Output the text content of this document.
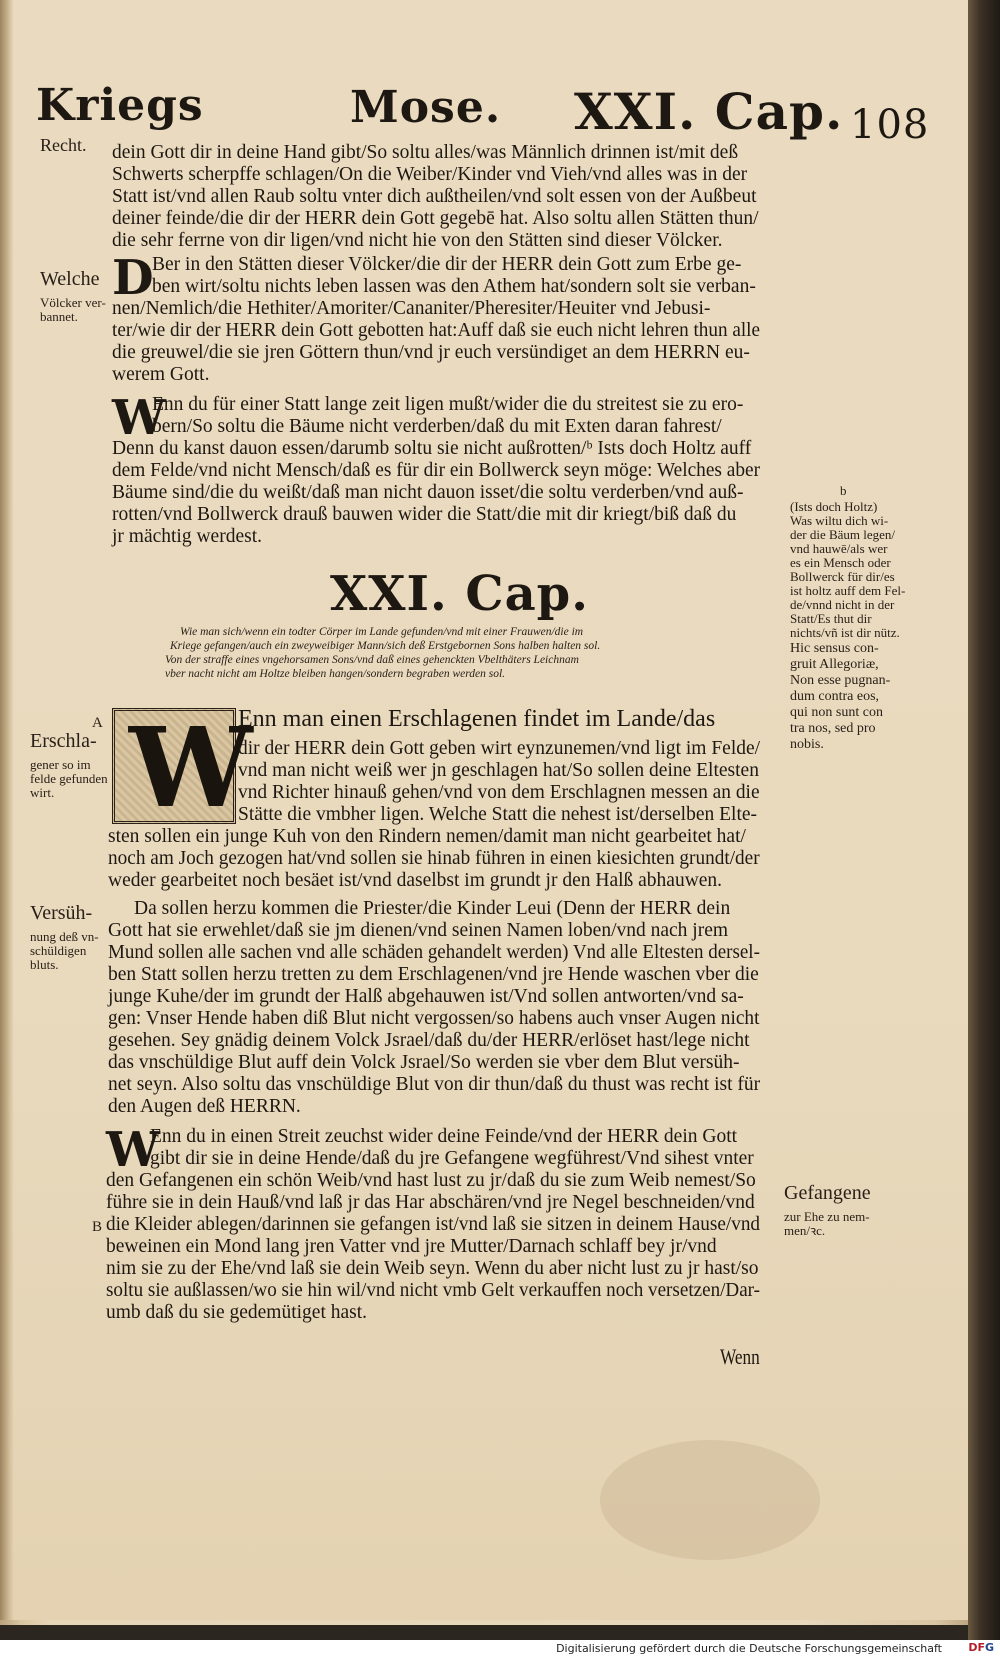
Kriegs	Mose. XXI. Cap. 108
Recht. dein Gott dir in deine Hand gibt/So soltu alles/was Männlich drinnen ist/mit deß
Schwerts scherpffe schlagen/On die Weiber/Kinder vnd Vieh/vnd alles was in der
Statt ist/vnd allen Raub soltu vnter dich außtheilen/vnd solt essen von der Außbeut
deiner feinde/die dir der HERR dein Gott gegebē hat. Also soltu allen Stätten thun/
die sehr ferrne von dir ligen/vnd nicht hie von den Stätten sind dieser Völcker.
D
Ber in den Stätten dieser Völcker/die dir der HERR dein Gott zum Erbe ge-
ben wirt/soltu nichts leben lassen was den Athem hat/sondern solt sie verban-
nen/Nemlich/die Hethiter/Amoriter/Cananiter/Pheresiter/Heuiter vnd Jebusi-
ter/wie dir der HERR dein Gott gebotten hat:Auff daß sie euch nicht lehren thun alle
die greuwel/die sie jren Göttern thun/vnd jr euch versündiget an dem HERRN eu-
werem Gott.
W
Enn du für einer Statt lange zeit ligen mußt/wider die du streitest sie zu ero-
bern/So soltu die Bäume nicht verderben/daß du mit Exten daran fahrest/
Denn du kanst dauon essen/darumb soltu sie nicht außrotten/ᵇ Ists doch Holtz auff
dem Felde/vnd nicht Mensch/daß es für dir ein Bollwerck seyn möge: Welches aber
Bäume sind/die du weißt/daß man nicht dauon isset/die soltu verderben/vnd auß-
rotten/vnd Bollwerck drauß bauwen wider die Statt/die mit dir kriegt/biß daß du
jr mächtig werdest.
XXI. Cap.
Wie man sich/wenn ein todter Cörper im Lande gefunden/vnd mit einer Frauwen/die im
Kriege gefangen/auch ein zweyweibiger Mann/sich deß Erstgebornen Sons halben halten sol.
Von der straffe eines vngehorsamen Sons/vnd daß eines gehenckten Vbelthäters Leichnam
vber nacht nicht am Holtze bleiben hangen/sondern begraben werden sol.
W
Enn man einen Erschlagenen findet im Lande/das
dir der HERR dein Gott geben wirt eynzunemen/vnd ligt im Felde/
vnd man nicht weiß wer jn geschlagen hat/So sollen deine Eltesten
vnd Richter hinauß gehen/vnd von dem Erschlagnen messen an die
Stätte die vmbher ligen. Welche Statt die nehest ist/derselben Elte-
sten sollen ein junge Kuh von den Rindern nemen/damit man nicht gearbeitet hat/
noch am Joch gezogen hat/vnd sollen sie hinab führen in einen kiesichten grundt/der
weder gearbeitet noch besäet ist/vnd daselbst im grundt jr den Halß abhauwen.
Da sollen herzu kommen die Priester/die Kinder Leui (Denn der HERR dein
Gott hat sie erwehlet/daß sie jm dienen/vnd seinen Namen loben/vnd nach jrem
Mund sollen alle sachen vnd alle schäden gehandelt werden) Vnd alle Eltesten dersel-
ben Statt sollen herzu tretten zu dem Erschlagenen/vnd jre Hende waschen vber die
junge Kuhe/der im grundt der Halß abgehauwen ist/Vnd sollen antworten/vnd sa-
gen: Vnser Hende haben diß Blut nicht vergossen/so habens auch vnser Augen nicht
gesehen. Sey gnädig deinem Volck Jsrael/daß du/der HERR/erlöset hast/lege nicht
das vnschüldige Blut auff dein Volck Jsrael/So werden sie vber dem Blut versüh-
net seyn. Also soltu das vnschüldige Blut von dir thun/daß du thust was recht ist für
den Augen deß HERRN.
W
Enn du in einen Streit zeuchst wider deine Feinde/vnd der HERR dein Gott
gibt dir sie in deine Hende/daß du jre Gefangene wegführest/Vnd sihest vnter
den Gefangenen ein schön Weib/vnd hast lust zu jr/daß du sie zum Weib nemest/So
führe sie in dein Hauß/vnd laß jr das Har abschären/vnd jre Negel beschneiden/vnd
die Kleider ablegen/darinnen sie gefangen ist/vnd laß sie sitzen in deinem Hause/vnd
beweinen ein Mond lang jren Vatter vnd jre Mutter/Darnach schlaff bey jr/vnd
nim sie zu der Ehe/vnd laß sie dein Weib seyn. Wenn du aber nicht lust zu jr hast/so
soltu sie außlassen/wo sie hin wil/vnd nicht vmb Gelt verkauffen noch versetzen/Dar-
umb daß du sie gedemütiget hast.
Wenn
Welche
Völcker ver-
bannet.
A
Erschla-
gener so im
felde gefunden
wirt.
Versüh-
nung deß vn-
schüldigen
bluts.
Gefangene
zur Ehe zu nem-
men/ꝛc.
B
b
(Ists doch Holtz)
Was wiltu dich wi-
der die Bäum legen/
vnd hauwē/als wer
es ein Mensch oder
Bollwerck für dir/es
ist holtz auff dem Fel-
de/vnnd nicht in der
Statt/Es thut dir
nichts/vñ ist dir nütz.
Hic sensus con-
gruit Allegoriæ,
Non esse pugnan-
dum contra eos,
qui non sunt con
tra nos, sed pro
nobis.
Digitalisierung gefördert durch die Deutsche Forschungsgemeinschaft	DFG
